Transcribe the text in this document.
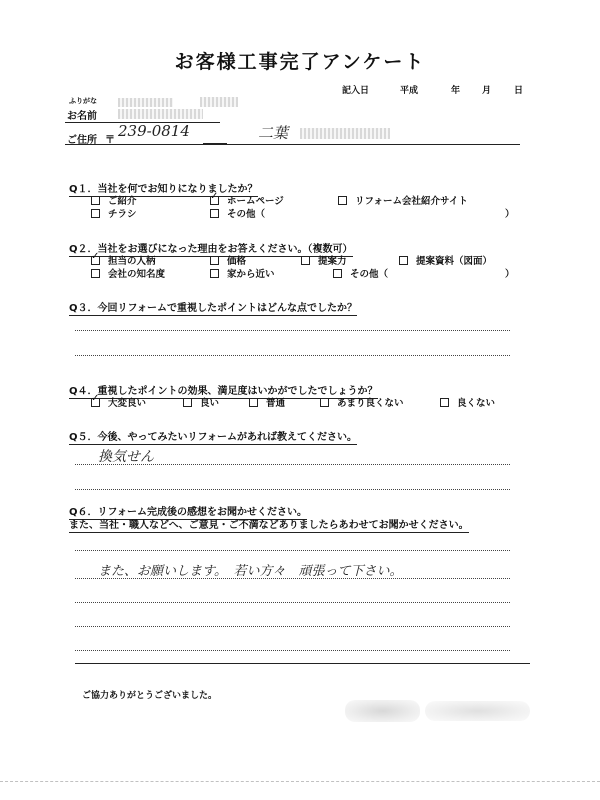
お客様工事完了アンケート
記入日	平成	年 月	日
ふりがな
お名前
ご住所 〒
239-0814	二葉
Q１．当社を何でお知りになりましたか？
ご紹介
✓	ホームページ	リフォーム会社紹介サイト
チラシ	その他（	）
Q２．当社をお選びになった理由をお答えください。（複数可）
✓担当の人柄	価格	提案力	提案資料（図面）
会社の知名度	家から近い	その他（	）
Q３．今回リフォームで重視したポイントはどんな点でしたか？
Q４．重視したポイントの効果、満足度はいかがでしたでしょうか？
✓大変良い	良い	普通	あまり良くない	良くない
Q５．今後、やってみたいリフォームがあれば教えてください。
換気せん
Q６．リフォーム完成後の感想をお聞かせください。
また、当社・職人などへ、ご意見・ご不満などありましたらあわせてお聞かせください。
また、お願いします。　若い方々　頑張って下さい。
ご協力ありがとうございました。
